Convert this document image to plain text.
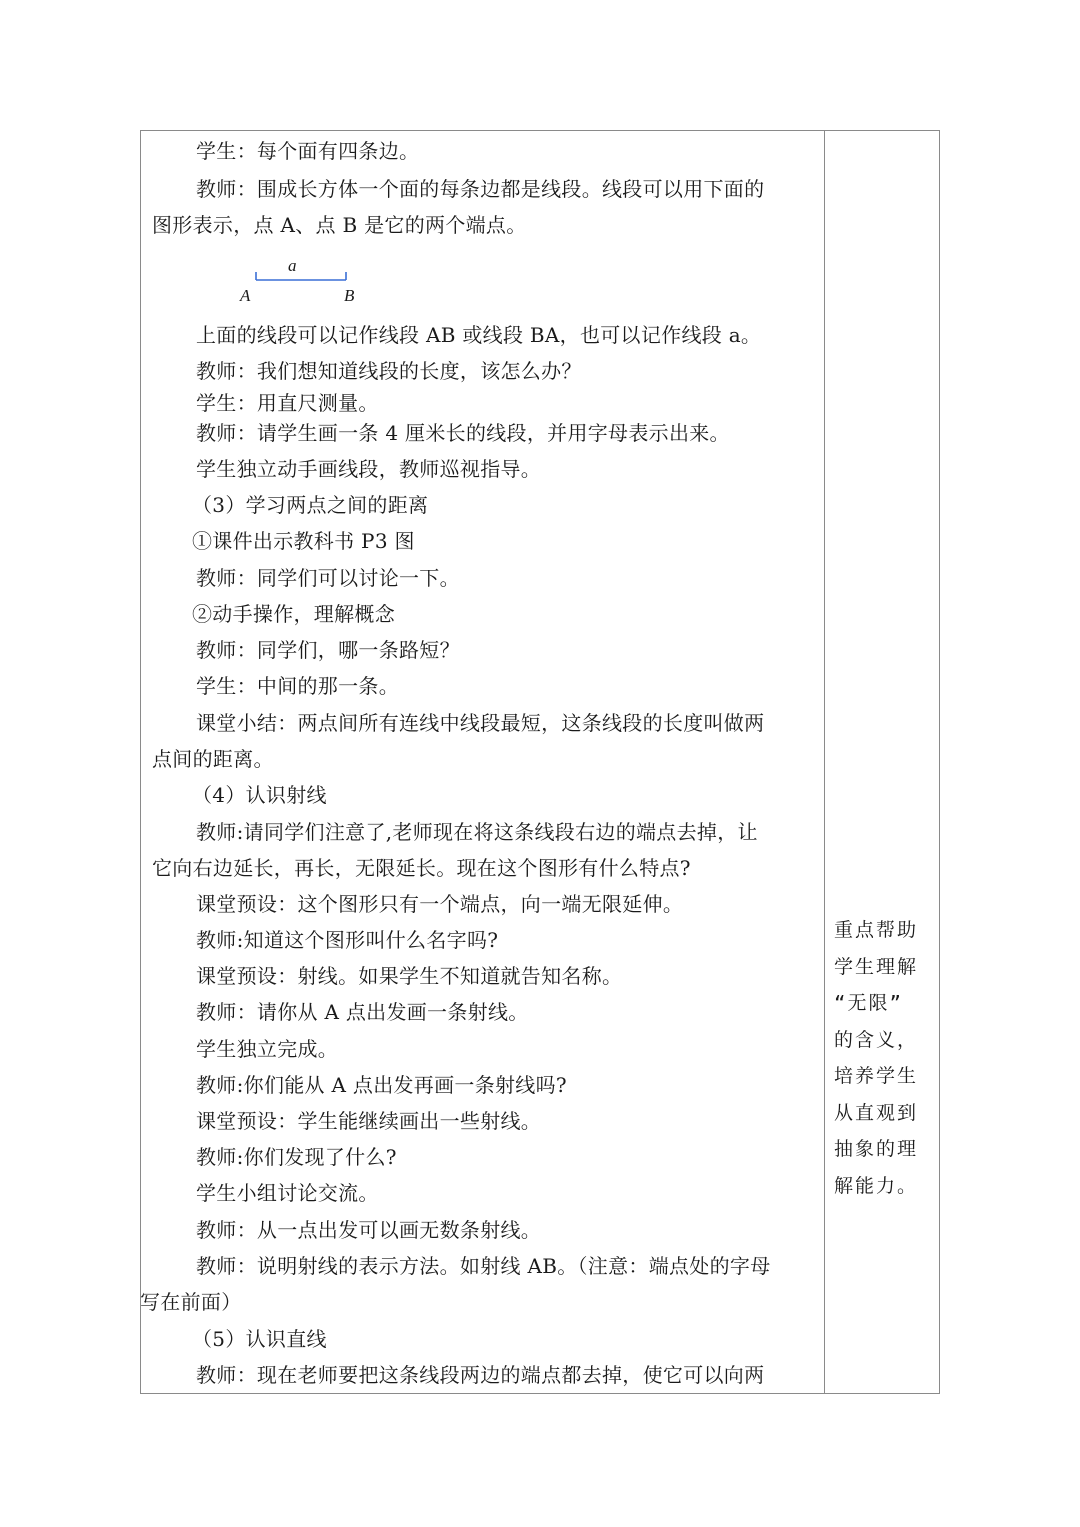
学生：每个面有四条边。
教师：围成长方体一个面的每条边都是线段。线段可以用下面的
图形表示，点 A、点 B 是它的两个端点。
上面的线段可以记作线段 AB 或线段 BA，也可以记作线段 a。
教师：我们想知道线段的长度，该怎么办？
学生：用直尺测量。
教师：请学生画一条 4 厘米长的线段，并用字母表示出来。
学生独立动手画线段，教师巡视指导。
（3）学习两点之间的距离
①课件出示教科书 P3 图
教师：同学们可以讨论一下。
②动手操作，理解概念
教师：同学们，哪一条路短？
学生：中间的那一条。
课堂小结：两点间所有连线中线段最短，这条线段的长度叫做两
点间的距离。
（4）认识射线
教师:请同学们注意了,老师现在将这条线段右边的端点去掉，让
它向右边延长，再长，无限延长。现在这个图形有什么特点?
课堂预设：这个图形只有一个端点，向一端无限延伸。
教师:知道这个图形叫什么名字吗?
课堂预设：射线。如果学生不知道就告知名称。
教师：请你从 A 点出发画一条射线。
学生独立完成。
教师:你们能从 A 点出发再画一条射线吗?
课堂预设：学生能继续画出一些射线。
教师:你们发现了什么?
学生小组讨论交流。
教师：从一点出发可以画无数条射线。
教师：说明射线的表示方法。如射线 AB。（注意：端点处的字母
写在前面）
（5）认识直线
教师：现在老师要把这条线段两边的端点都去掉，使它可以向两
a
A	B
重点帮助
学生理解
“无限”
的含义，
培养学生
从直观到
抽象的理
解能力。
